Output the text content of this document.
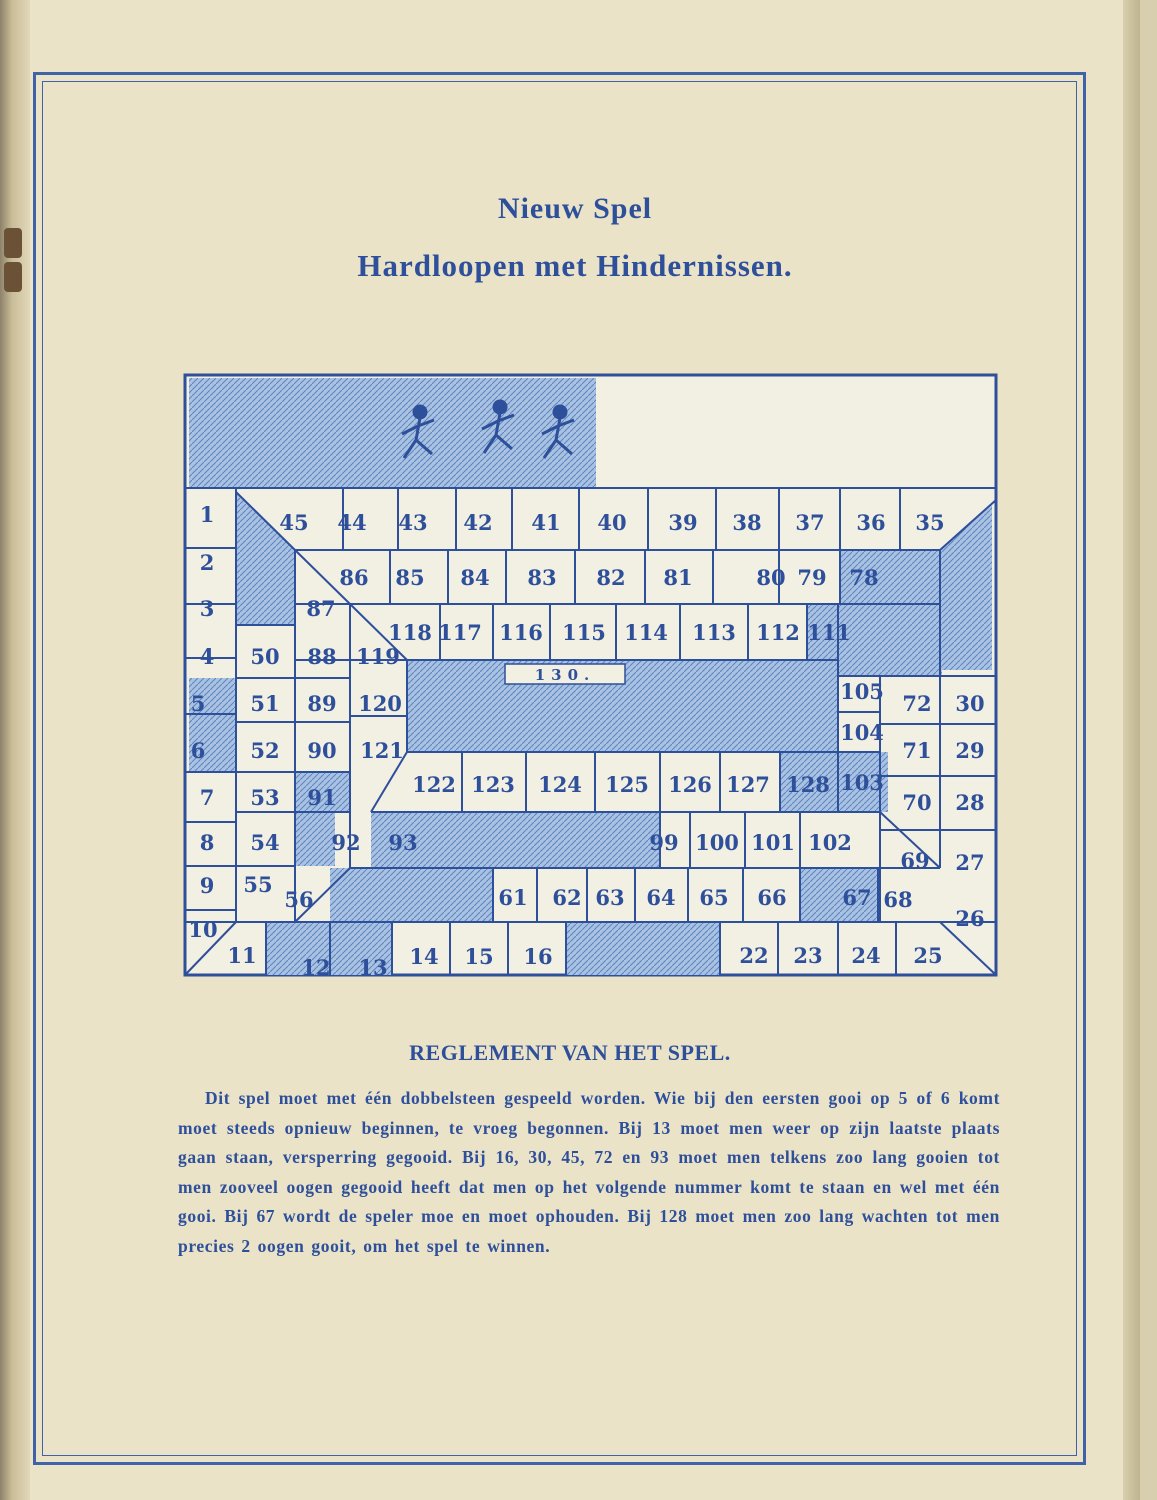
Nieuw Spel
Hardloopen met Hindernissen.
130.
1
2
3
4
5
6
7
8
9
10
11 12 13 14 15 16	22 23 24 25
26
27
28
29
30
35
36
37
38
39
40
41
42
43
44
45
50
51
52
53
54
55
56	61 62 63 64 65 66	67 68
69
70
71
72
78
79
80
81
82
83
84
85
86
87
88
89
90
91
92 93	99 100 101 102
103
104
105
111
112
113
114
115
116
117
118
119
120
121
122 123 124 125 126 127 128
REGLEMENT VAN HET SPEL.

Dit spel moet met één dobbelsteen gespeeld worden. Wie bij den eersten gooi op 5 of 6 komt moet steeds opnieuw beginnen, te vroeg begonnen. Bij 13 moet men weer op zijn laatste plaats gaan staan, versperring gegooid. Bij 16, 30, 45, 72 en 93 moet men telkens zoo lang gooien tot men zooveel oogen gegooid heeft dat men op het volgende nummer komt te staan en wel met één gooi. Bij 67 wordt de speler moe en moet ophouden. Bij 128 moet men zoo lang wachten tot men precies 2 oogen gooit, om het spel te winnen.
